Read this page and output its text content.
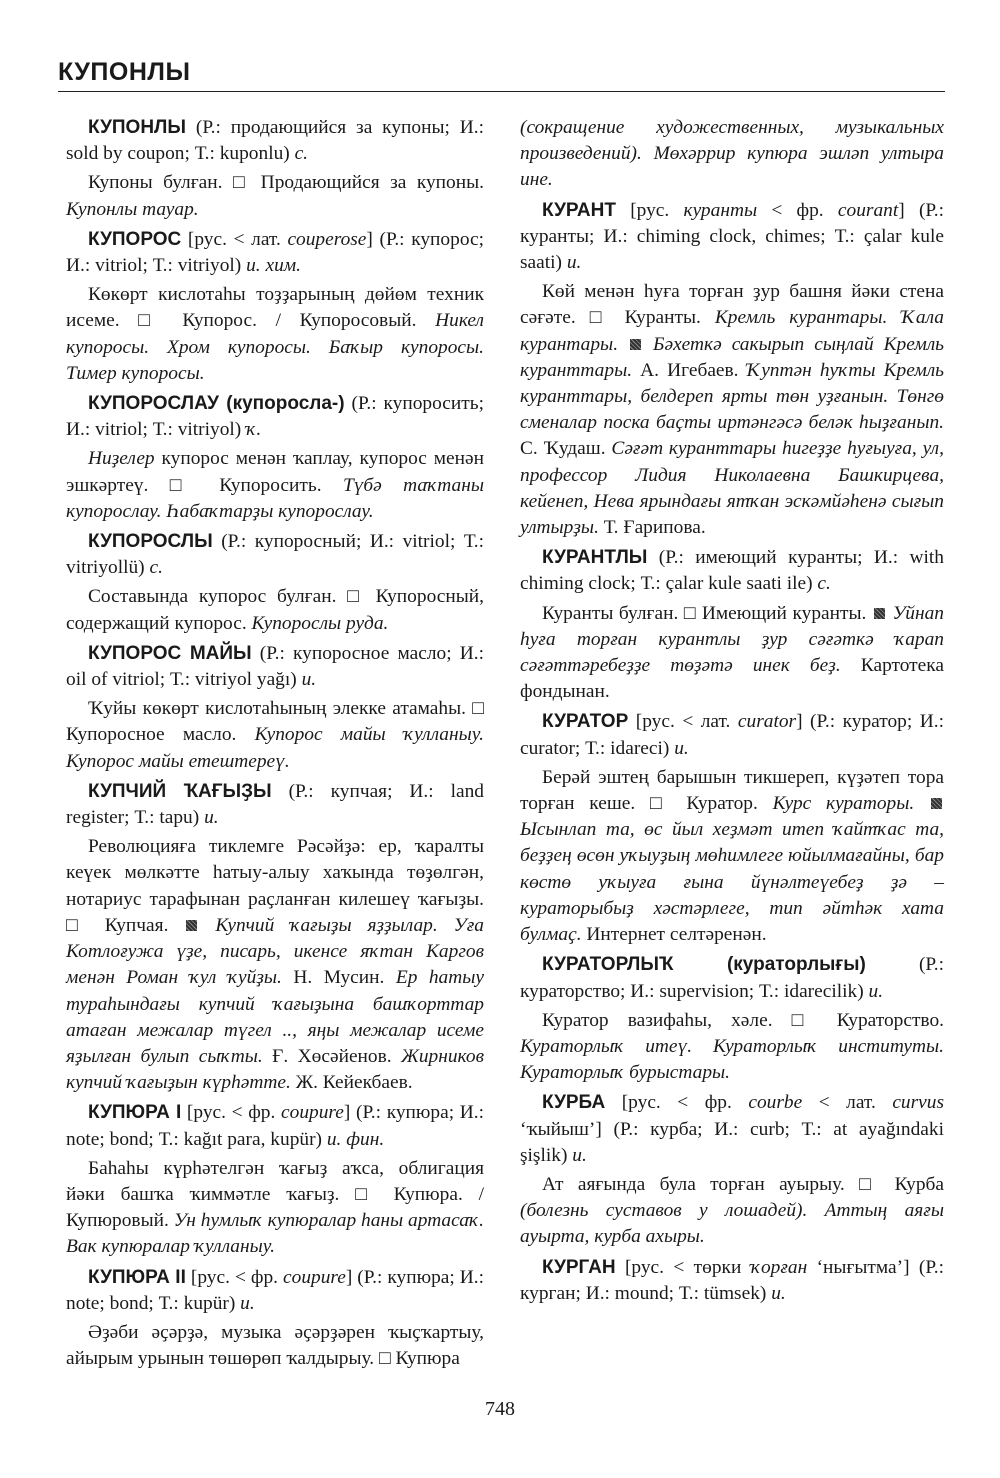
КУПОНЛЫ

КУПОНЛЫ (Р.: продающийся за купоны; И.: sold by coupon; Т.: kuponlu) с.

Купоны булған. □ Продающийся за купоны. Купонлы тауар.

КУПОРОС [рус. < лат. couperose] (Р.: купорос; И.: vitriol; Т.: vitriyol) и. хим.

Көкөрт кислотаһы тоҙҙарының дөйөм техник исеме. □ Купорос. / Купоросовый. Никел купоросы. Хром купоросы. Баҡыр купоросы. Тимер купоросы.

КУПОРОСЛАУ (купоросла-) (Р.: купоросить; И.: vitriol; Т.: vitriyol) ҡ.

Ниҙелер купорос менән ҡаплау, купорос менән эшкәртеү. □ Купоросить. Түбә таҡтаны купорослау. Һабаҡтарҙы купорослау.

КУПОРОСЛЫ (Р.: купоросный; И.: vitriol; Т.: vitriyollü) с.

Составында купорос булған. □ Купоросный, содержащий купорос. Купорослы руда.

КУПОРОС МАЙЫ (Р.: купоросное масло; И.: oil of vitriol; Т.: vitriyol yağı) и.

Ҡуйы көкөрт кислотаһының элекке атамаһы. □ Купоросное масло. Купорос майы ҡулланыу. Купорос майы етештереү.

КУПЧИЙ ҠАҒЫҘЫ (Р.: купчая; И.: land register; Т.: tapu) и.

Революцияға тиклемге Рәсәйҙә: ер, ҡаралты кеүек мөлкәтте һатыу-алыу хаҡында төҙөлгән, нотариус тарафынан раҫланған килешеү ҡағыҙы. □ Купчая.  Купчий ҡағыҙы яҙҙылар. Уға Котлоғужа үҙе, писарь, икенсе яҡтан Каргов менән Роман ҡул ҡуйҙы. Н. Мусин. Ер һатыу тураһындағы купчий ҡағыҙына башҡорттар атаған межалар түгел .., яңы межалар исеме яҙылған булып сыҡты. Ғ. Хөсәйенов. Жирников купчий ҡағыҙын күрһәтте. Ж. Кейекбаев.

КУПЮРА I [рус. < фр. coupure] (Р.: купюра; И.: note; bond; Т.: kağıt para, kupür) и. фин.

Баһаһы күрһәтелгән ҡағыҙ аҡса, облигация йәки башҡа ҡиммәтле ҡағыҙ. □ Купюра. / Купюровый. Ун һумлыҡ купюралар һаны артасаҡ. Вак купюралар ҡулланыу.

КУПЮРА II [рус. < фр. coupure] (Р.: купюра; И.: note; bond; Т.: kupür) и.

Әҙәби әҫәрҙә, музыка әҫәрҙәрен ҡыҫҡартыу, айырым урынын төшөрөп ҡалдырыу. □ Купюра

(сокращение художественных, музыкальных произведений). Мөхәррир купюра эшләп ултыра ине.

КУРАНТ [рус. куранты < фр. courant] (Р.: куранты; И.: chiming clock, chimes; Т.: çalar kule saati) и.

Көй менән һуға торған ҙур башня йәки стена сәғәте. □ Куранты. Кремль курантары. Ҡала курантары.  Бәхеткә сакырып сыңлай Кремль куранттары. А. Игебаев. Ҡуптән һуҡты Кремль куранттары, белдереп ярты төн уҙғанын. Төнгө сменалар поска баҫты иртәнгәсә беләк һыҙғанып. С. Ҡудаш. Сәғәт куранттары һигеҙҙе һуғыуға, ул, профессор Лидия Николаевна Башкирцева, кейенеп, Нева ярындағы ятҡан эскәмйәһенә сығып ултырҙы. Т. Ғарипова.

КУРАНТЛЫ (Р.: имеющий куранты; И.: with chiming clock; Т.: çalar kule saati ile) с.

Куранты булған. □ Имеющий куранты.  Уйнап һуға торған курантлы ҙур сәғәткә ҡарап сәғәттәребеҙҙе төҙәтә инек беҙ. Картотека фондынан.

КУРАТОР [рус. < лат. curator] (Р.: куратор; И.: curator; Т.: idareci) и.

Берәй эштең барышын тикшереп, күҙәтеп тора торған кеше. □ Куратор. Курс кураторы.  Ысынлап та, өс йыл хеҙмәт итеп ҡайтҡас та, беҙҙең өсөн уҡыуҙың мөһимлеге юйылмағайны, бар көстө уҡыуға ғына йүнәлтеүебеҙ ҙә – кураторыбыҙ хәстәрлеге, тип әйтһәк хата булмаҫ. Интернет селтәренән.

КУРАТОРЛЫҠ (кураторлығы) (Р.: кураторство; И.: supervision; Т.: idarecilik) и.

Куратор вазифаһы, хәле. □ Кураторство. Кураторлыҡ итеү. Кураторлыҡ институты. Кураторлыҡ бурыстары.

КУРБА [рус. < фр. courbe < лат. curvus ‘ҡыйыш’] (Р.: курба; И.: curb; Т.: at ayağındaki şişlik) и.

Ат аяғында була торған ауырыу. □ Курба (болезнь суставов у лошадей). Аттың аяғы ауырта, курба ахыры.

КУРГАН [рус. < төрки ҡорған ‘нығытма’] (Р.: курган; И.: mound; Т.: tümsek) и.

748
